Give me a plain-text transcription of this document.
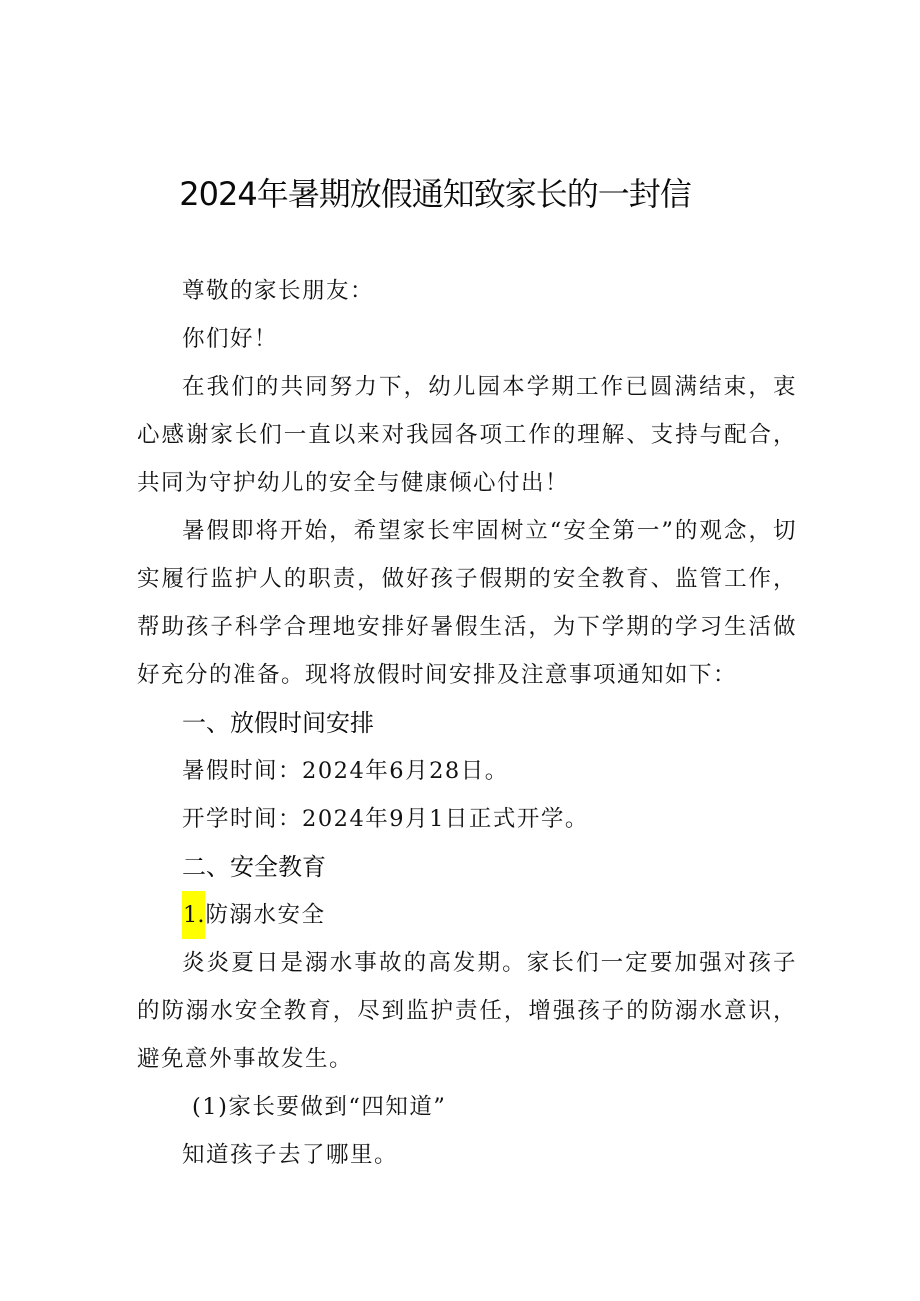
2024年暑期放假通知致家长的一封信

尊敬的家长朋友：

你们好！

在我们的共同努力下，幼儿园本学期工作已圆满结束，衷心感谢家长们一直以来对我园各项工作的理解、支持与配合，共同为守护幼儿的安全与健康倾心付出！

暑假即将开始，希望家长牢固树立“安全第一”的观念，切实履行监护人的职责，做好孩子假期的安全教育、监管工作，帮助孩子科学合理地安排好暑假生活，为下学期的学习生活做好充分的准备。现将放假时间安排及注意事项通知如下：

一、放假时间安排

暑假时间：2024年6月28日。

开学时间：2024年9月1日正式开学。

二、安全教育

1.防溺水安全

炎炎夏日是溺水事故的高发期。家长们一定要加强对孩子的防溺水安全教育，尽到监护责任，增强孩子的防溺水意识，避免意外事故发生。

(1)家长要做到“四知道”

知道孩子去了哪里。
